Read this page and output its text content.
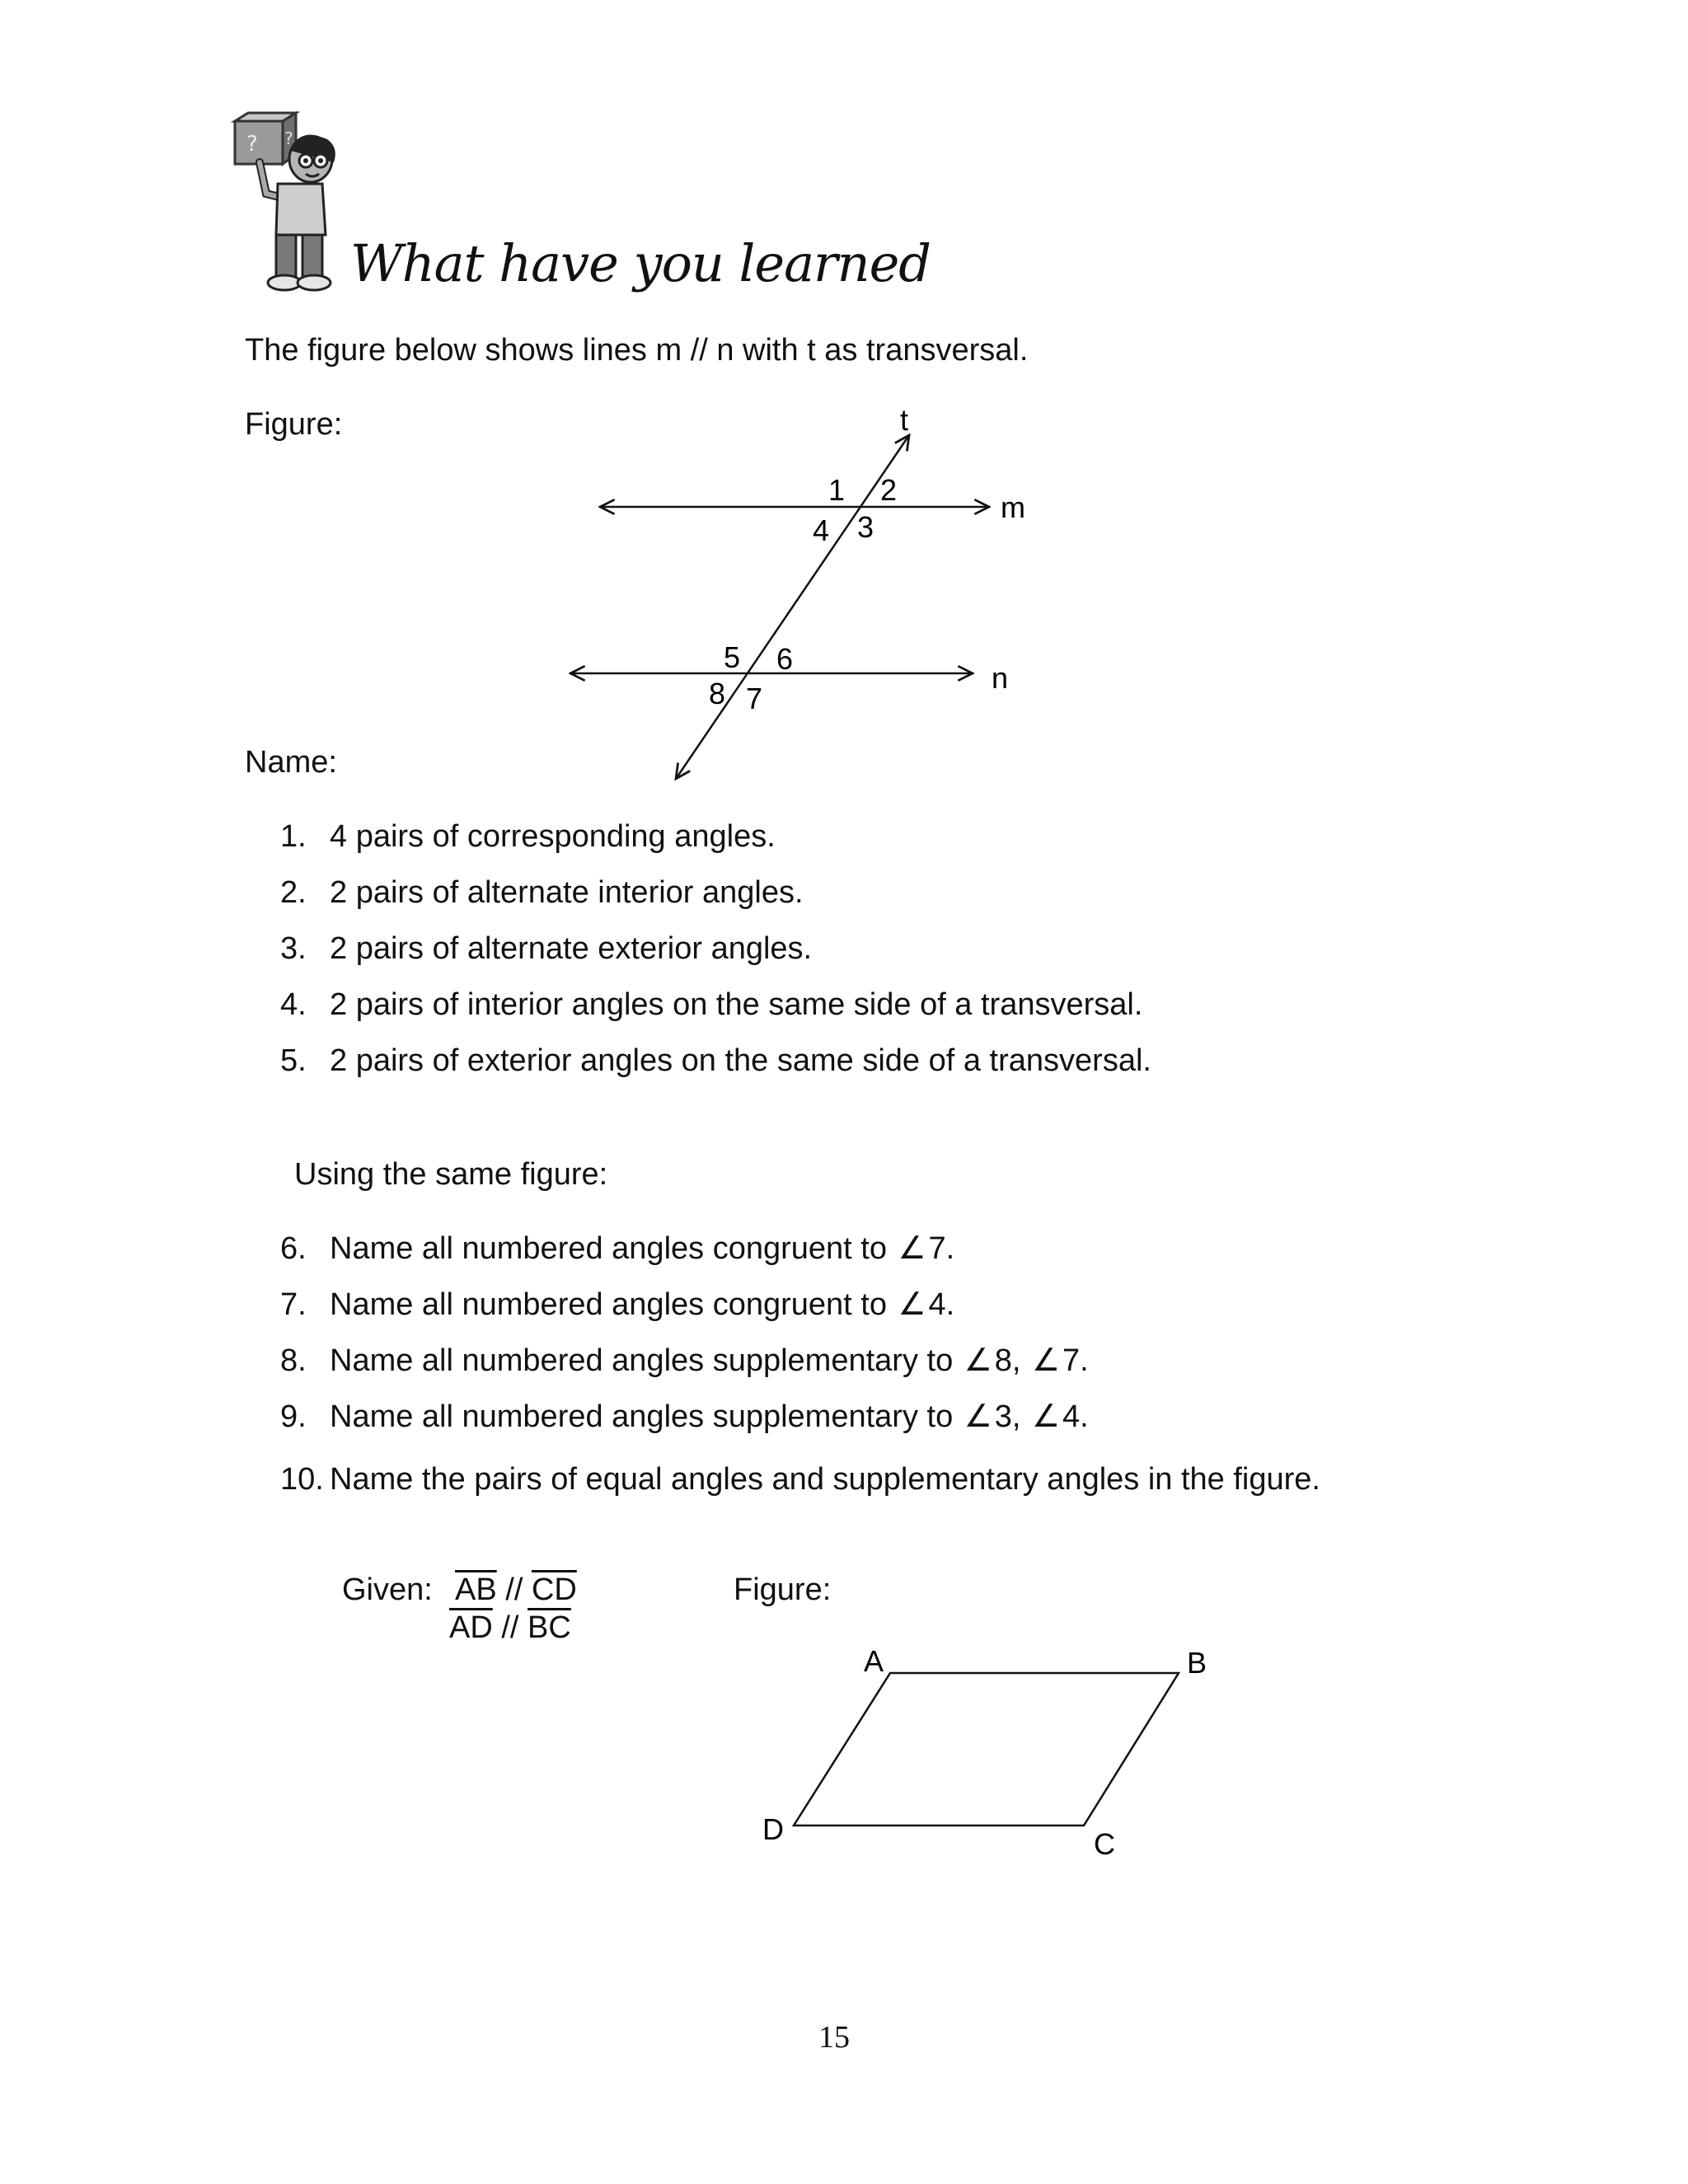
? ?
What have you learned
The figure below shows lines m // n with t as transversal.
Figure:	t
m
n
1 2
3
4
5 6
7
8
Name:
1. 4 pairs of corresponding angles.
2. 2 pairs of alternate interior angles.
3. 2 pairs of alternate exterior angles.
4. 2 pairs of interior angles on the same side of a transversal.
5. 2 pairs of exterior angles on the same side of a transversal.
Using the same figure:
6. Name all numbered angles congruent to ∠7.
7. Name all numbered angles congruent to ∠4.
8. Name all numbered angles supplementary to ∠8, ∠7.
9. Name all numbered angles supplementary to ∠3, ∠4.
10. Name the pairs of equal angles and supplementary angles in the figure.
Given: $\overline{AB} // \overline{CD}$
$\overline{AD} // \overline{BC}$
Figure:
A	B
C
D
15
